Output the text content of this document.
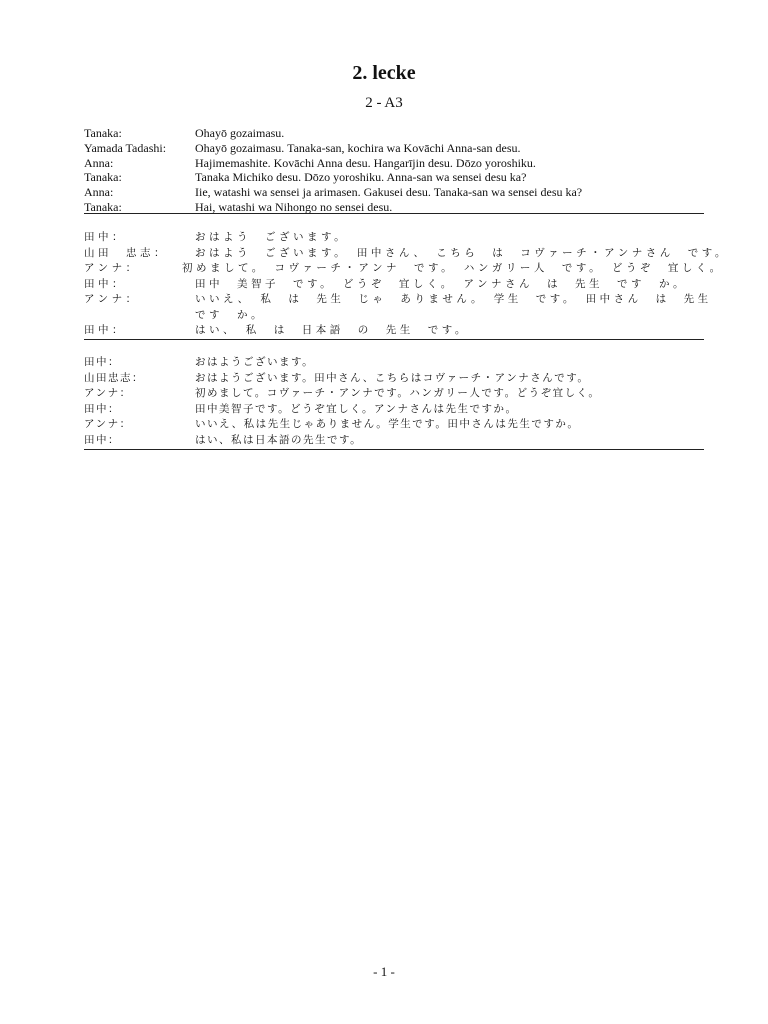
2. lecke
2 - A3
Tanaka:	Ohayō gozaimasu.
Yamada Tadashi: Ohayō gozaimasu. Tanaka-san, kochira wa Kovāchi Anna-san desu.
Anna:	Hajimemashite. Kovāchi Anna desu. Hangarījin desu. Dōzo yoroshiku.
Tanaka:	Tanaka Michiko desu. Dōzo yoroshiku. Anna-san wa sensei desu ka?
Anna:	Iie, watashi wa sensei ja arimasen. Gakusei desu. Tanaka-san wa sensei desu ka?
Tanaka:	Hai, watashi wa Nihongo no sensei desu.
田中：	おはよう　ございます。
山田　忠志：	おはよう　ございます。　田中さん、　こちら　は　コヴァーチ・アンナさん　です。
アンナ：	初めまして。　コヴァーチ・アンナ　です。　ハンガリー人　です。　どうぞ　宜しく。
田中：	田中　美智子　です。　どうぞ　宜しく。　アンナさん　は　先生　です　か。
アンナ：	いいえ、　私　は　先生　じゃ　ありません。　学生　です。　田中さん　は　先生
です　か。
田中：	はい、　私　は　日本語　の　先生　です。
田中：	おはようございます。
山田忠志：	おはようございます。田中さん、こちらはコヴァーチ・アンナさんです。
アンナ：	初めまして。コヴァーチ・アンナです。ハンガリー人です。どうぞ宜しく。
田中：	田中美智子です。どうぞ宜しく。アンナさんは先生ですか。
アンナ：	いいえ、私は先生じゃありません。学生です。田中さんは先生ですか。
田中：	はい、私は日本語の先生です。
- 1 -
